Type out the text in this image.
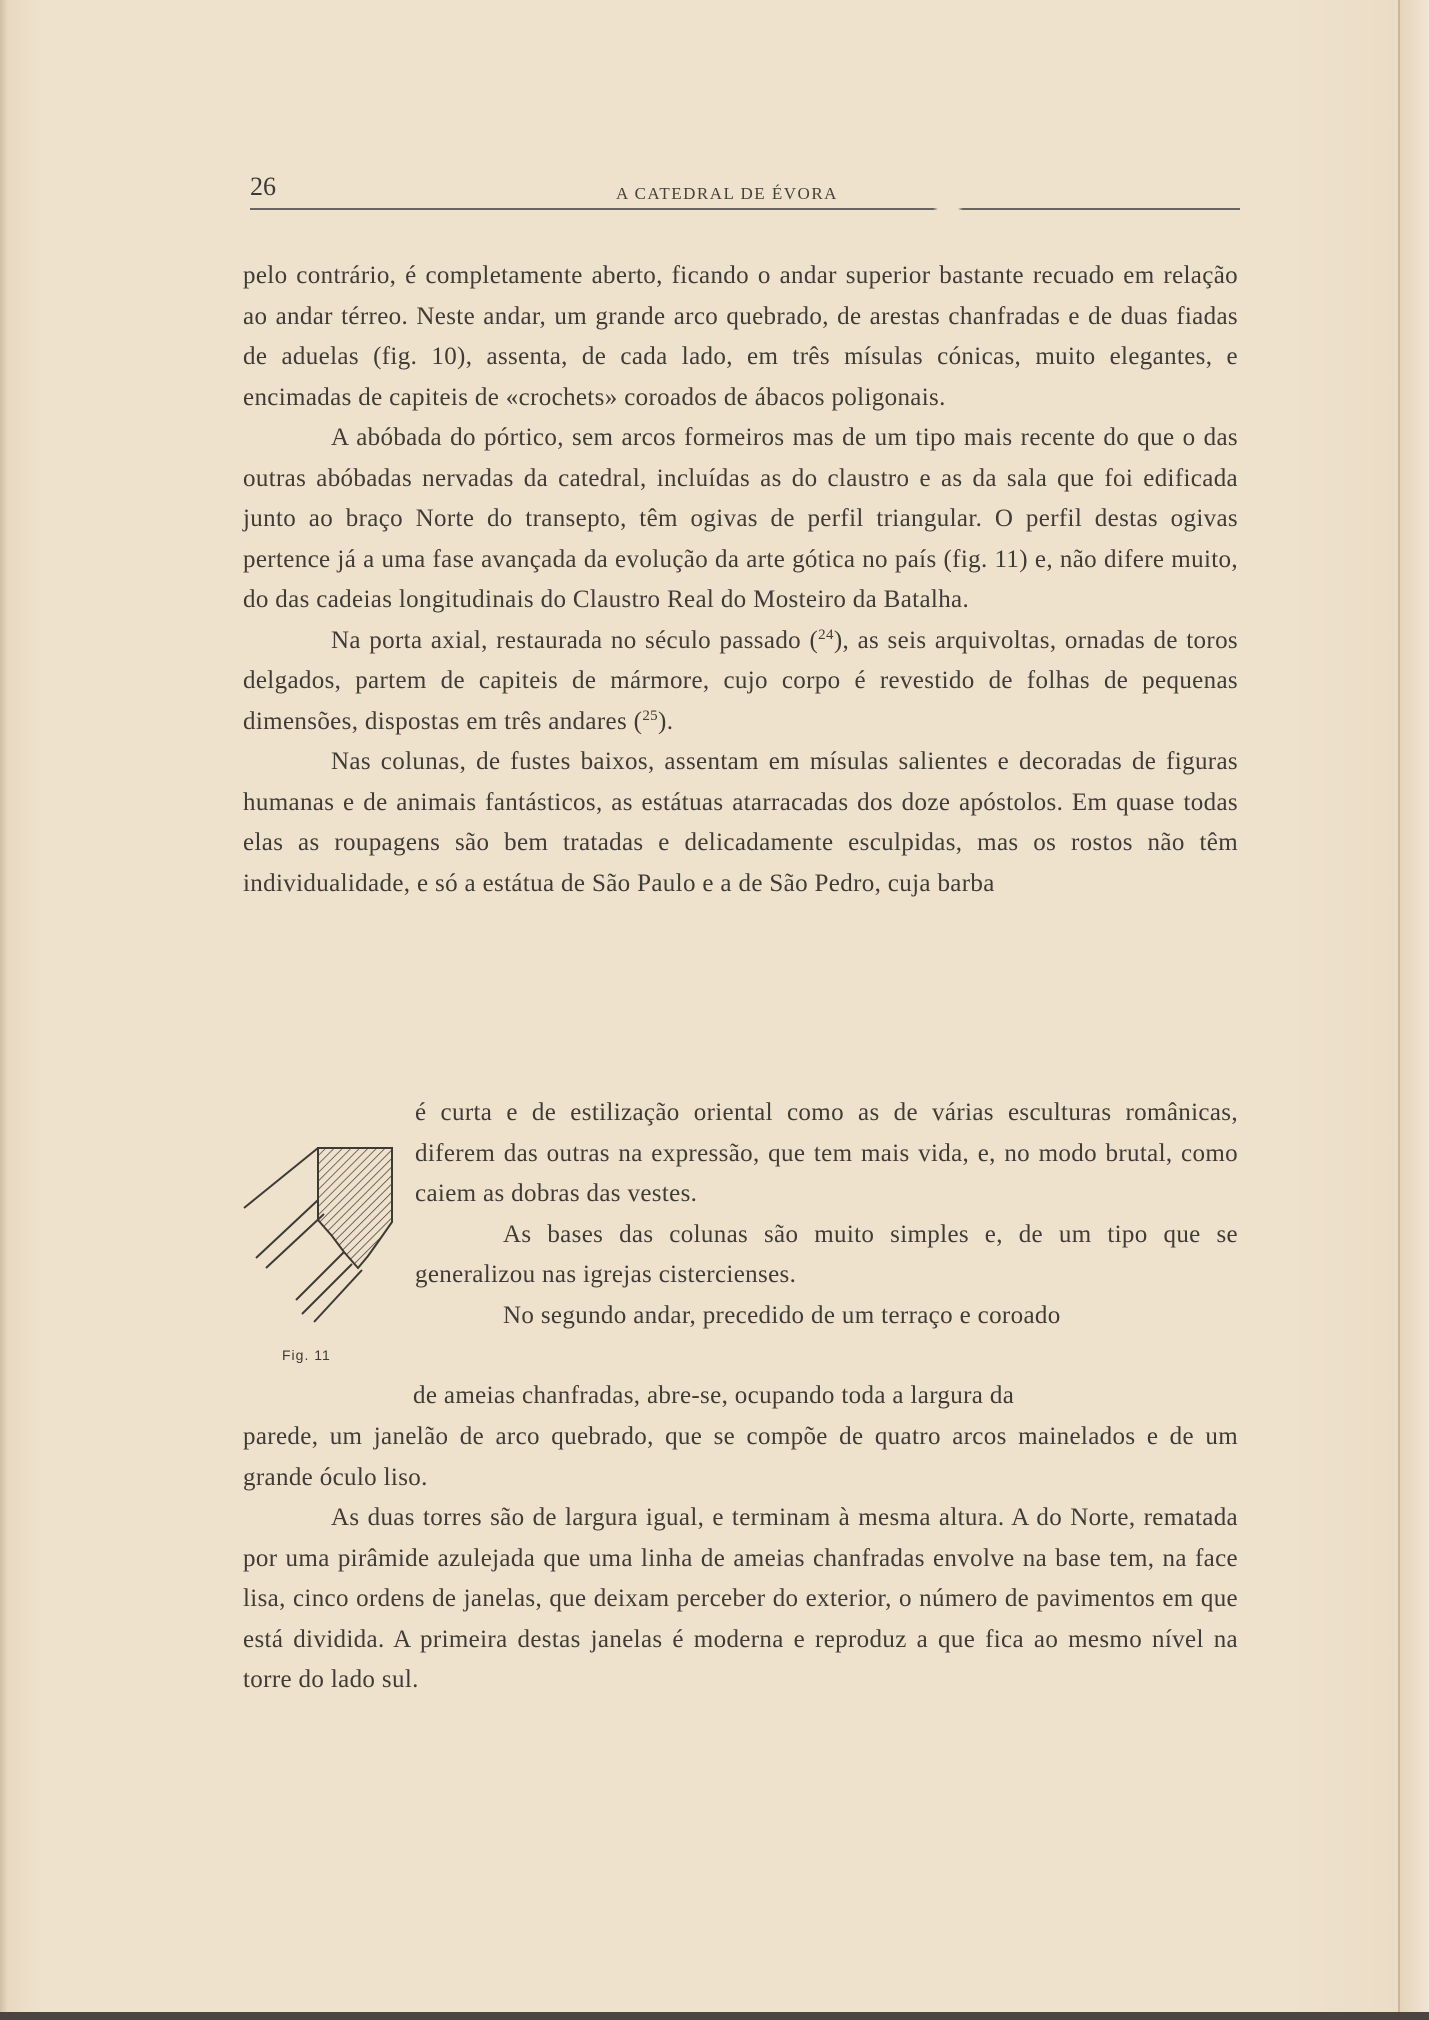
26	A CATEDRAL DE ÉVORA

pelo contrário, é completamente aberto, ficando o andar superior bastante recuado em relação ao andar térreo. Neste andar, um grande arco quebrado, de arestas chanfradas e de duas fiadas de aduelas (fig. 10), assenta, de cada lado, em três mísulas cónicas, muito elegantes, e encimadas de capiteis de «crochets» coroados de ábacos poligonais.

A abóbada do pórtico, sem arcos formeiros mas de um tipo mais recente do que o das outras abóbadas nervadas da catedral, incluídas as do claustro e as da sala que foi edificada junto ao braço Norte do transepto, têm ogivas de perfil triangular. O perfil destas ogivas pertence já a uma fase avançada da evolução da arte gótica no país (fig. 11) e, não difere muito, do das cadeias longitudinais do Claustro Real do Mosteiro da Batalha.

Na porta axial, restaurada no século passado ($^{24}$), as seis arquivoltas, ornadas de toros delgados, partem de capiteis de mármore, cujo corpo é revestido de folhas de pequenas dimensões, dispostas em três andares ($^{25}$).

Nas colunas, de fustes baixos, assentam em mísulas salientes e decoradas de figuras humanas e de animais fantásticos, as estátuas atarracadas dos doze apóstolos. Em quase todas elas as roupagens são bem tratadas e delicadamente esculpidas, mas os rostos não têm individualidade, e só a estátua de São Paulo e a de São Pedro, cuja barba

é curta e de estilização oriental como as de várias esculturas românicas, diferem das outras na expressão, que tem mais vida, e, no modo brutal, como caiem as dobras das vestes.
As bases das colunas são muito simples e, de um tipo que se generalizou nas igrejas cistercienses.
No segundo andar, precedido de um terraço e coroado
de ameias chanfradas, abre-se, ocupando toda a largura da
parede, um janelão de arco quebrado, que se compõe de quatro arcos mainelados e de um grande óculo liso.
As duas torres são de largura igual, e terminam à mesma altura. A do Norte, rematada por uma pirâmide azulejada que uma linha de ameias chanfradas envolve na base tem, na face lisa, cinco ordens de janelas, que deixam perceber do exterior, o número de pavimentos em que está dividida. A primeira destas janelas é moderna e reproduz a que fica ao mesmo nível na torre do lado sul.
Fig. 11
